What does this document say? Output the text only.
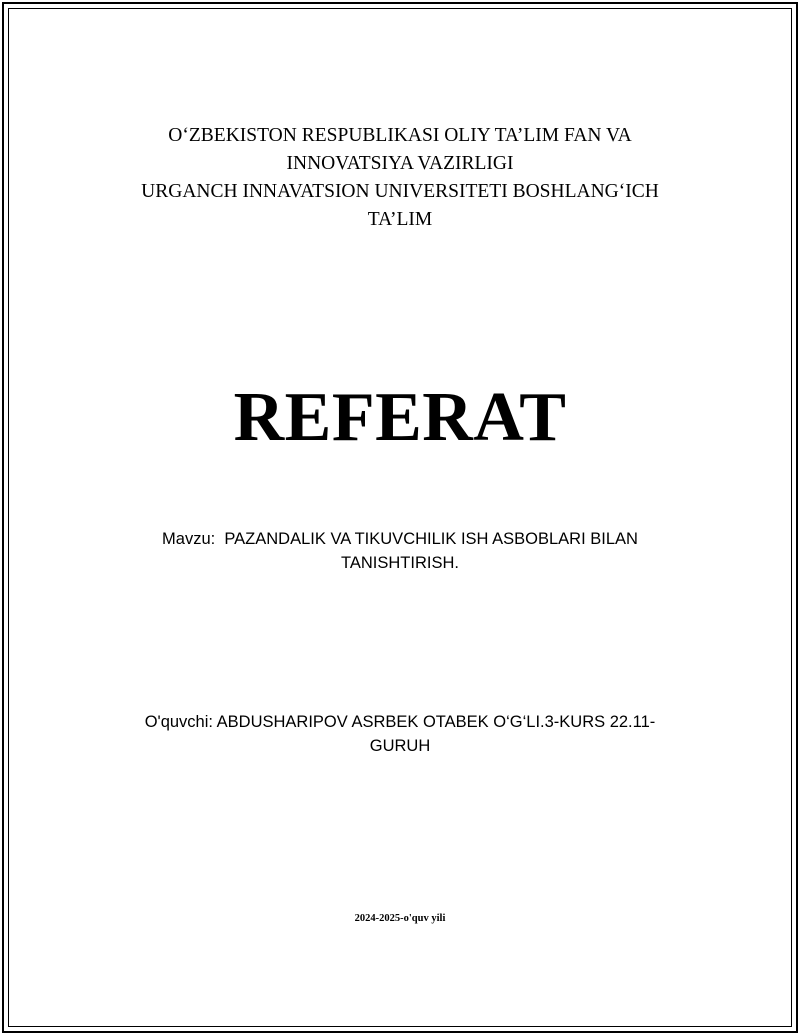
O‘ZBEKISTON RESPUBLIKASI OLIY TA’LIM FAN VA
INNOVATSIYA VAZIRLIGI
URGANCH INNAVATSION UNIVERSITETI BOSHLANG‘ICH
TA’LIM
REFERAT
Mavzu:  PAZANDALIK VA TIKUVCHILIK ISH ASBOBLARI BILAN
TANISHTIRISH.
O'quvchi: ABDUSHARIPOV ASRBEK OTABEK O‘G‘LI.3-KURS 22.11-
GURUH
2024-2025-o'quv yili
